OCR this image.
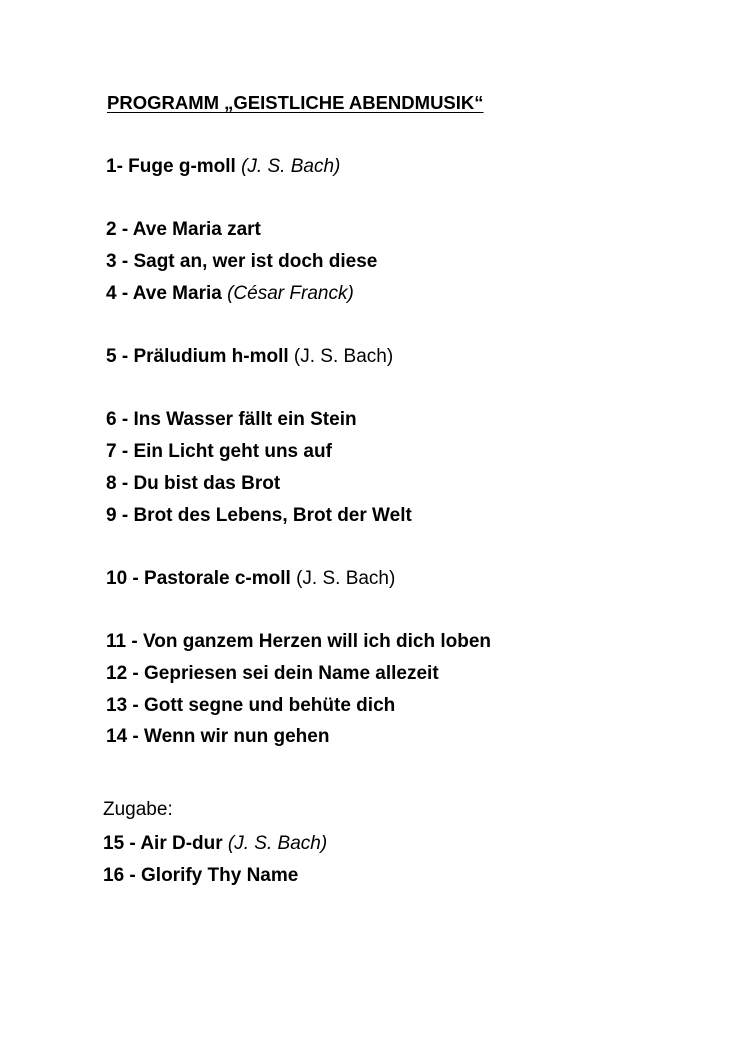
PROGRAMM „GEISTLICHE ABENDMUSIK“
1- Fuge g-moll (J. S. Bach)
2 - Ave Maria zart
3 - Sagt an, wer ist doch diese
4 - Ave Maria (César Franck)
5 - Präludium h-moll (J. S. Bach)
6 - Ins Wasser fällt ein Stein
7 - Ein Licht geht uns auf
8 - Du bist das Brot
9 - Brot des Lebens, Brot der Welt
10 - Pastorale c-moll (J. S. Bach)
11 - Von ganzem Herzen will ich dich loben
12 - Gepriesen sei dein Name allezeit
13 - Gott segne und behüte dich
14 - Wenn wir nun gehen
Zugabe:
15 - Air D-dur (J. S. Bach)
16 - Glorify Thy Name
